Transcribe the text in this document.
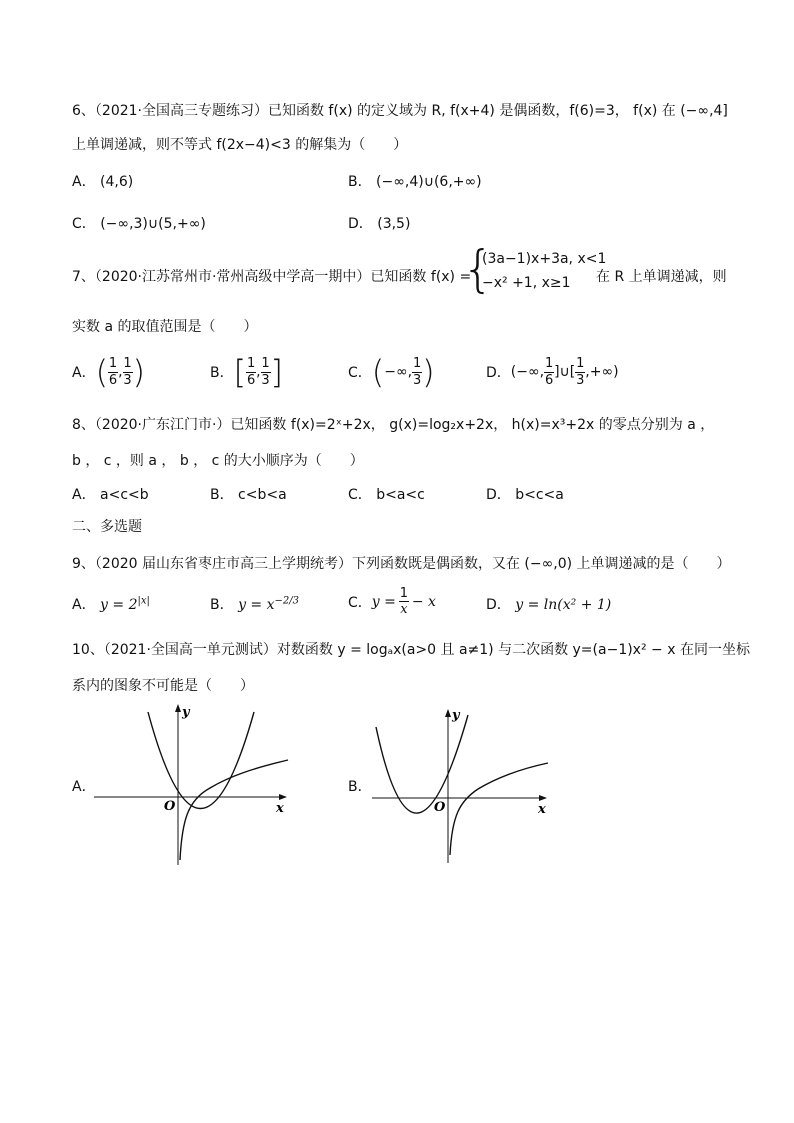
6、（2021·全国高三专题练习）已知函数 f(x) 的定义域为 R, f(x+4) 是偶函数，f(6)=3， f(x) 在 (−∞,4]
上单调递减，则不等式 f(2x−4)<3 的解集为（　　）
A． (4,6)	B． (−∞,4)∪(6,+∞)
C． (−∞,3)∪(5,+∞)	D． (3,5)
7、（2020·江苏常州市·常州高级中学高一期中）已知函数 f(x) =
{
(3a−1)x+3a, x<1
−x² +1, x≥1 在 R 上单调递减，则
实数 a 的取值范围是（　　）
A． ( 1
6 ,
1
3 )	B． [ 1
6 ,
1
3 ]	C． ( −∞,
1
3 )	D． (−∞,
1
6 ]∪[
1
3 ,+∞)
8、（2020·广东江门市·）已知函数 f(x)=2ˣ+2x， g(x)=log₂x+2x， h(x)=x³+2x 的零点分别为 a ，
b ， c ，则 a ， b ， c 的大小顺序为（　　）
A． a<c<b	B． c<b<a	C． b<a<c	D． b<c<a
二、多选题
9、（2020 届山东省枣庄市高三上学期统考）下列函数既是偶函数，又在 (−∞,0) 上单调递减的是（　　）
A． $y = 2^{|x|}$	B． $y = x^{-2/3}$	C． y = 1
x − x	D． y = ln(x² + 1)
10、（2021·全国高一单元测试）对数函数 y = logₐx(a>0 且 a≠1) 与二次函数 y=(a−1)x² − x 在同一坐标
系内的图象不可能是（　　）
A．
y
x
O
B．
y
x
O
